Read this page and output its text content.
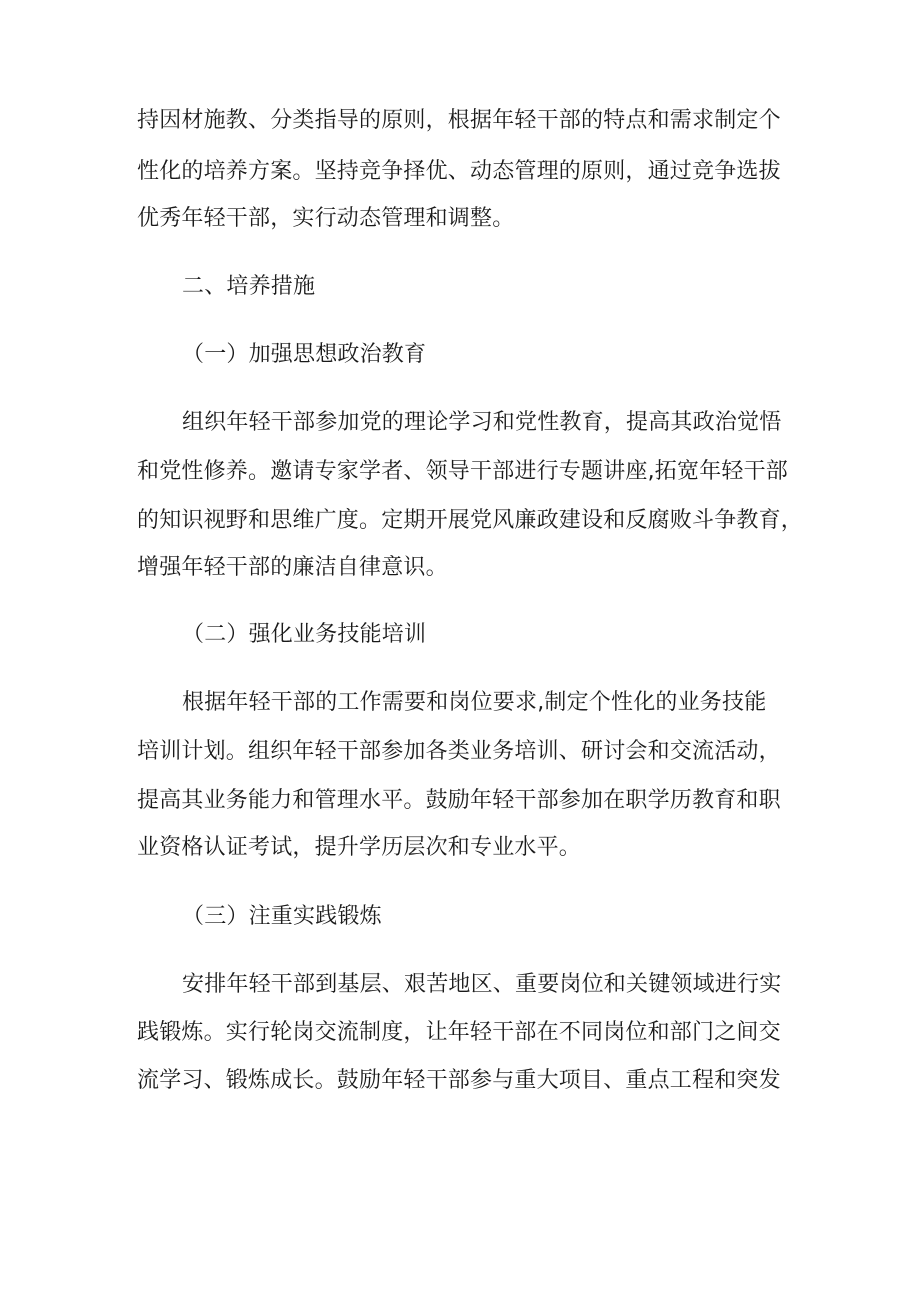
持因材施教、分类指导的原则，根据年轻干部的特点和需求制定个
性化的培养方案。坚持竞争择优、动态管理的原则，通过竞争选拔
优秀年轻干部，实行动态管理和调整。
二、培养措施
（一）加强思想政治教育
组织年轻干部参加党的理论学习和党性教育，提高其政治觉悟
和党性修养。邀请专家学者、领导干部进行专题讲座,拓宽年轻干部
的知识视野和思维广度。定期开展党风廉政建设和反腐败斗争教育，
增强年轻干部的廉洁自律意识。
（二）强化业务技能培训
根据年轻干部的工作需要和岗位要求,制定个性化的业务技能
培训计划。组织年轻干部参加各类业务培训、研讨会和交流活动，
提高其业务能力和管理水平。鼓励年轻干部参加在职学历教育和职
业资格认证考试，提升学历层次和专业水平。
（三）注重实践锻炼
安排年轻干部到基层、艰苦地区、重要岗位和关键领域进行实
践锻炼。实行轮岗交流制度，让年轻干部在不同岗位和部门之间交
流学习、锻炼成长。鼓励年轻干部参与重大项目、重点工程和突发
